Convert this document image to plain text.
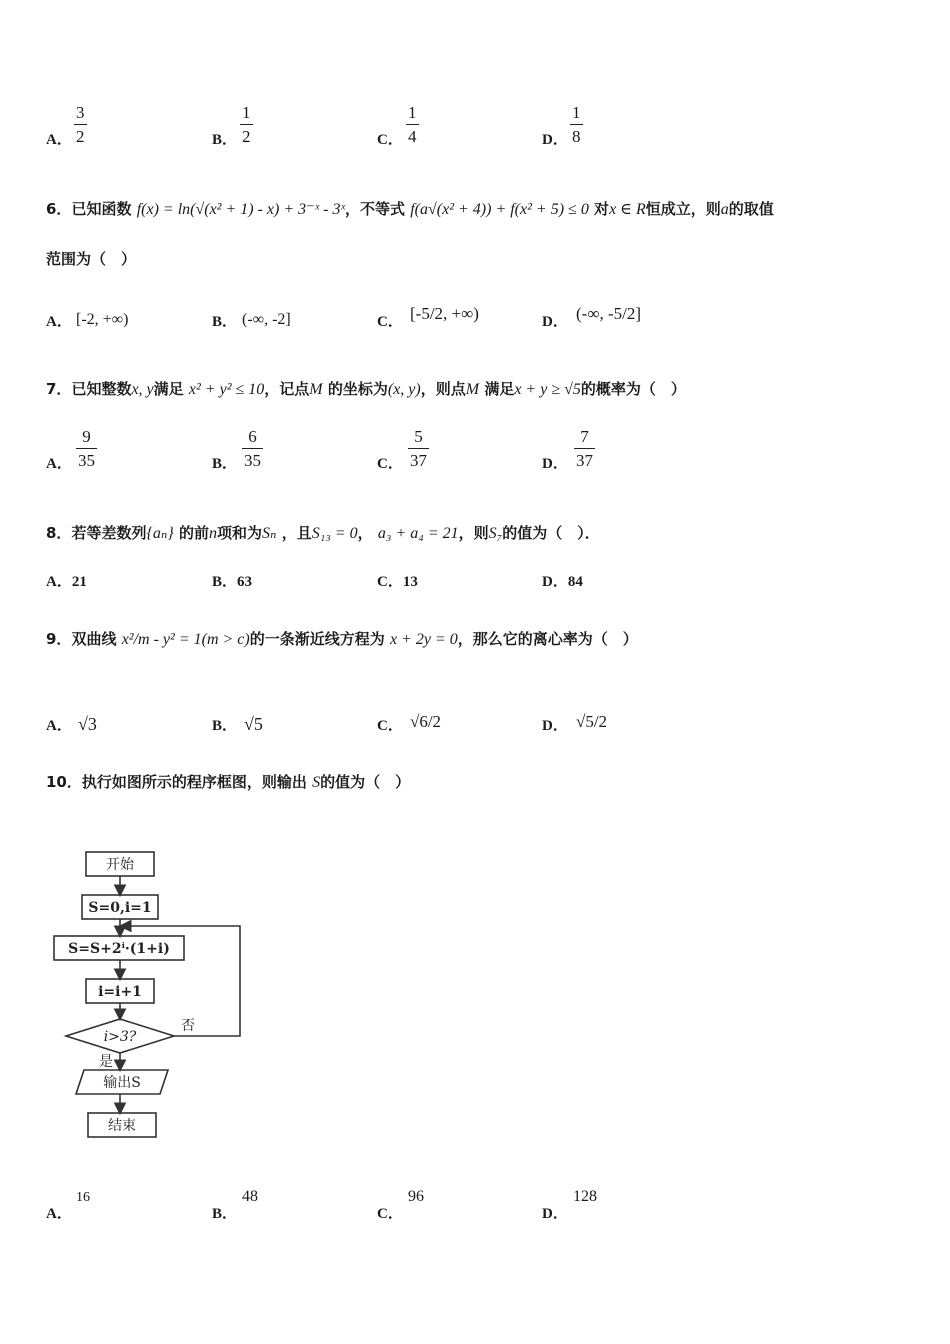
A． $\frac{3}{2}$	B． $\frac{1}{2}$	C． $\frac{1}{4}$	D． $\frac{1}{8}$
6．已知函数 f(x) = ln(√(x² + 1) - x) + 3⁻ˣ - 3ˣ，不等式 f(a√(x² + 4)) + f(x² + 5) ≤ 0 对x ∈ R恒成立，则a的取值
范围为（　）
A． [-2, +∞)	B． (-∞, -2]	C． [-5/2, +∞)	D． (-∞, -5/2]
7．已知整数x, y满足 x² + y² ≤ 10，记点M 的坐标为(x, y)，则点M 满足x + y ≥ √5的概率为（　）
A． $\frac{9}{35}$	B． $\frac{6}{35}$	C． $\frac{5}{37}$	D． $\frac{7}{37}$
8．若等差数列{aₙ} 的前n项和为Sₙ ，且S₁₃ = 0， a₃ + a₄ = 21，则S₇的值为（　）．
A．21	B．63	C．13	D．84
9．双曲线 x²/m - y² = 1(m > c)的一条渐近线方程为 x + 2y = 0，那么它的离心率为（　）
A． √3	B． √5	C． √6/2	D． √5/2
10．执行如图所示的程序框图，则输出 S的值为（　）
开始
S=0,i=1
S=S+2ⁱ·(1+i)
i=i+1
i>3?
否
是
输出S
结束
A．
16
B．
48
C．
96
D．
128
